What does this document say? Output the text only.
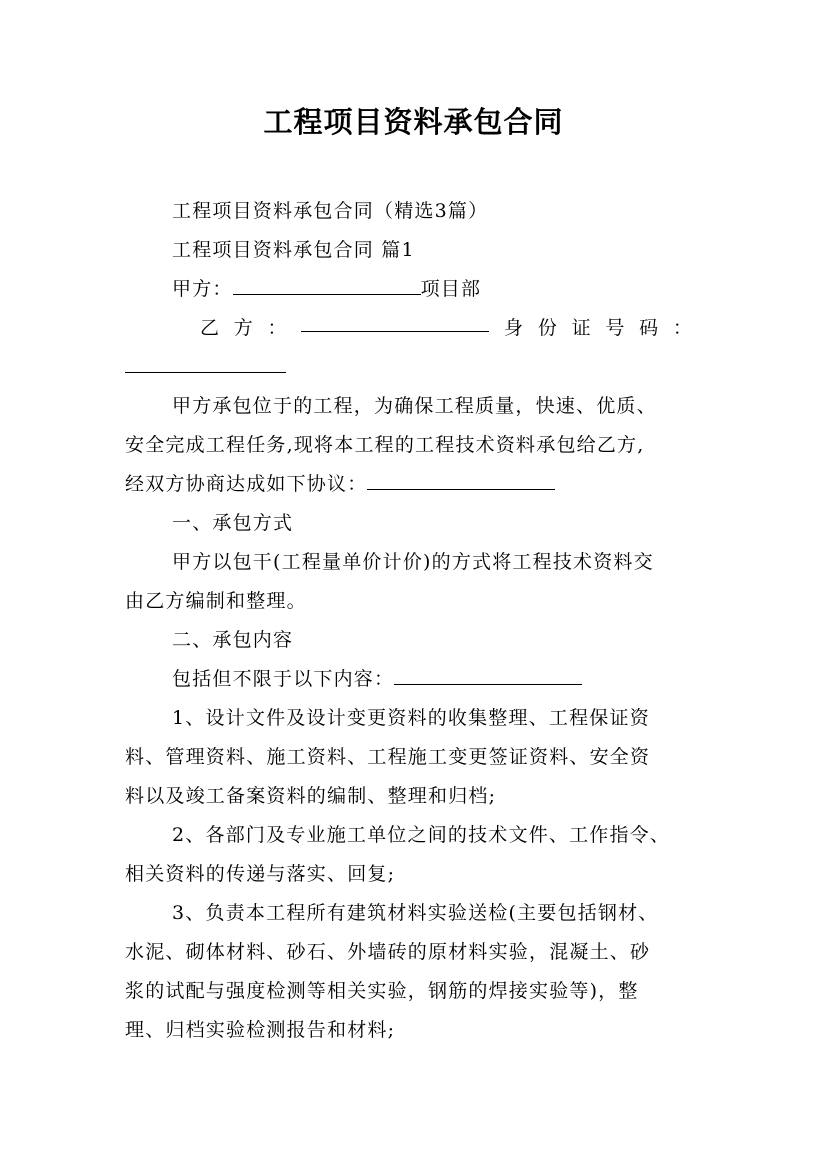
工程项目资料承包合同
工程项目资料承包合同（精选3篇）
工程项目资料承包合同 篇1
甲方：	项目部
乙 方 ：	身 份 证 号 码 ：
甲方承包位于的工程，为确保工程质量，快速、优质、
安全完成工程任务,现将本工程的工程技术资料承包给乙方,
经双方协商达成如下协议：
一、承包方式
甲方以包干(工程量单价计价)的方式将工程技术资料交
由乙方编制和整理。
二、承包内容
包括但不限于以下内容：
1、设计文件及设计变更资料的收集整理、工程保证资
料、管理资料、施工资料、工程施工变更签证资料、安全资
料以及竣工备案资料的编制、整理和归档;
2、各部门及专业施工单位之间的技术文件、工作指令、
相关资料的传递与落实、回复;
3、负责本工程所有建筑材料实验送检(主要包括钢材、
水泥、砌体材料、砂石、外墙砖的原材料实验，混凝土、砂
浆的试配与强度检测等相关实验，钢筋的焊接实验等)，整
理、归档实验检测报告和材料;
